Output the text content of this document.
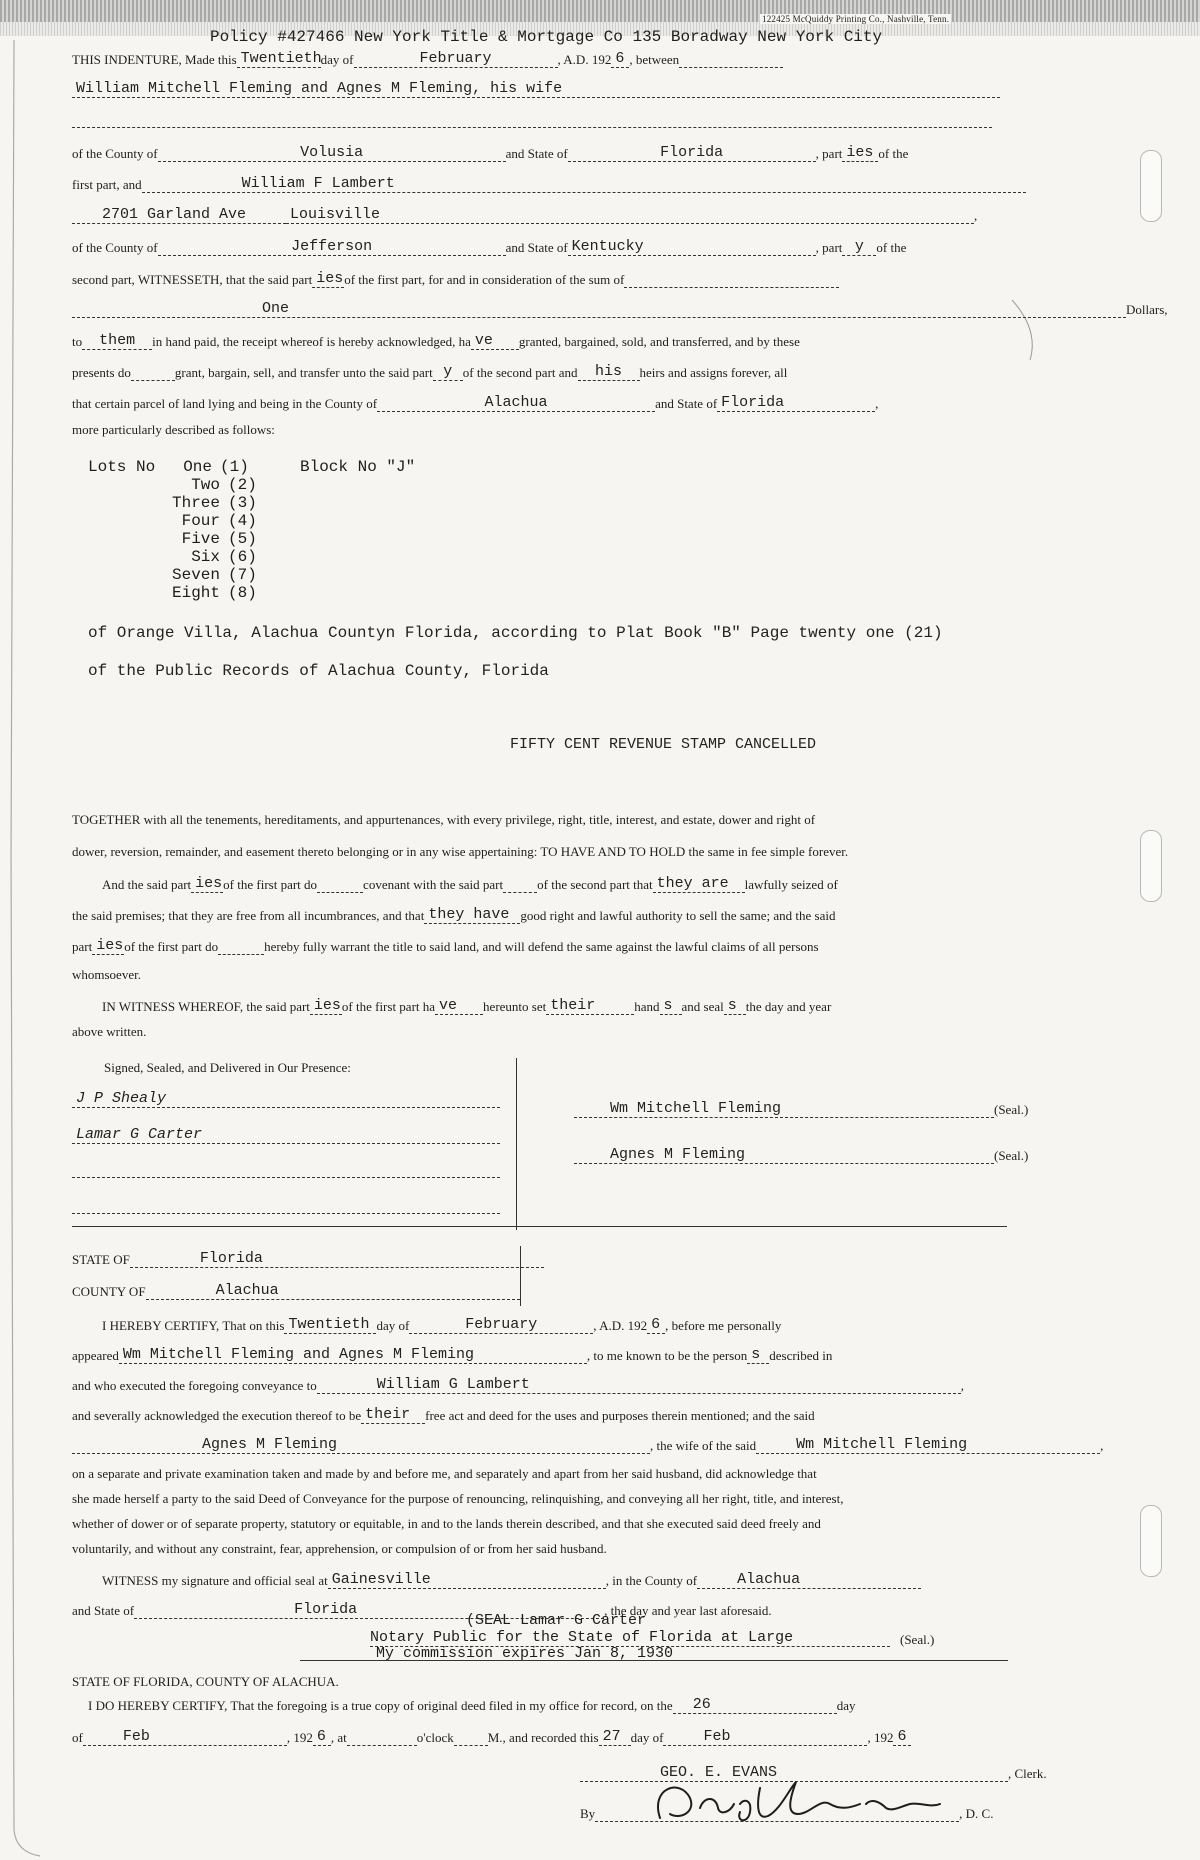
122425 McQuiddy Printing Co., Nashville, Tenn.
Policy #427466 New York Title & Mortgage Co 135 Boradway New York City
THIS INDENTURE, Made this Twentiethday of	February	, A.D. 192 6 , between
William Mitchell Fleming and Agnes M Fleming, his wife
of the County of	Volusia	and State of	Florida	, part ies of the
first part, and	William F Lambert
2701 Garland Ave	Louisville	,
of the County of	Jefferson	and State of Kentucky	, part y of the
second part, WITNESSETH, that the said part iesof the first part, for and in consideration of the sum of
One	Dollars,
to them in hand paid, the receipt whereof is hereby acknowledged, ha ve granted, bargained, sold, and transferred, and by these
presents do	grant, bargain, sell, and transfer unto the said part y of the second part and his heirs and assigns forever, all
that certain parcel of land lying and being in the County of	Alachua	and State of Florida	,
more particularly described as follows:
Lots No	One (1)	Block No "J"
Two (2)
Three (3)
Four (4)
Five (5)
Six (6)
Seven (7)
Eight (8)
of Orange Villa, Alachua Countyn Florida, according to Plat Book "B" Page twenty one (21)
of the Public Records of Alachua County, Florida
FIFTY CENT REVENUE STAMP CANCELLED
TOGETHER with all the tenements, hereditaments, and appurtenances, with every privilege, right, title, interest, and estate, dower and right of
dower, reversion, remainder, and easement thereto belonging or in any wise appertaining: TO HAVE AND TO HOLD the same in fee simple forever.
And the said part iesof the first part do	covenant with the said part	of the second part that they are lawfully seized of
the said premises; that they are free from all incumbrances, and that they have good right and lawful authority to sell the same; and the said
part iesof the first part do	hereby fully warrant the title to said land, and will defend the same against the lawful claims of all persons
whomsoever.
IN WITNESS WHEREOF, the said part iesof the first part ha ve hereunto set their	hand s and seal s the day and year
above written.
Signed, Sealed, and Delivered in Our Presence:
J P Shealy
Lamar G Carter
Wm Mitchell Fleming	(Seal.)
Agnes M Fleming	(Seal.)
STATE OF	Florida
COUNTY OF	Alachua
I HEREBY CERTIFY, That on this Twentieth day of	February	, A.D. 192 6 , before me personally
appeared Wm Mitchell Fleming and Agnes M Fleming	, to me known to be the person s described in
and who executed the foregoing conveyance to	William G Lambert	,
and severally acknowledged the execution thereof to be their free act and deed for the uses and purposes therein mentioned; and the said
Agnes M Fleming	, the wife of the said	Wm Mitchell Fleming	,
on a separate and private examination taken and made by and before me, and separately and apart from her said husband, did acknowledge that
she made herself a party to the said Deed of Conveyance for the purpose of renouncing, relinquishing, and conveying all her right, title, and interest,
whether of dower or of separate property, statutory or equitable, in and to the lands therein described, and that she executed said deed freely and
voluntarily, and without any constraint, fear, apprehension, or compulsion of or from her said husband.
WITNESS my signature and official seal at Gainesville	, in the County of	Alachua
and State of	Florida	, the day and year last aforesaid.
(SEAL Lamar G Carter
Notary Public for the State of Florida at Large	(Seal.)
My commission expires Jan 8, 1930
STATE OF FLORIDA, COUNTY OF ALACHUA.
I DO HEREBY CERTIFY, That the foregoing is a true copy of original deed filed in my office for record, on the 26	day
of	Feb	, 192 6 , at	o'clock	M., and recorded this 27 day of	Feb	, 192 6
GEO. E. EVANS	, Clerk.
By	, D. C.
